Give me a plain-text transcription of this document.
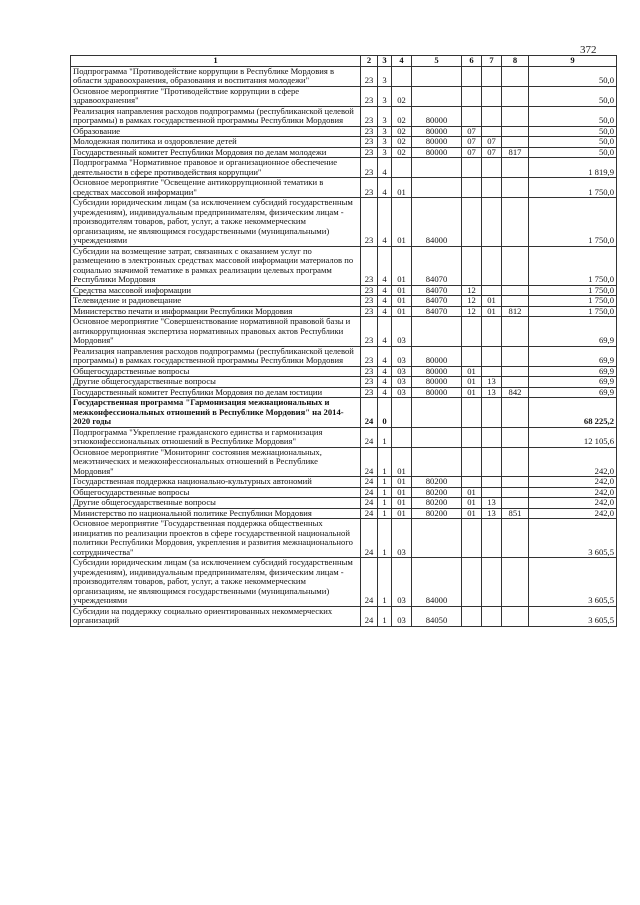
372
1	2	3	4	5	6	7	8	9
Подпрограмма "Противодействие коррупции в Республике Мордовия в области здравоохранения, образования и воспитания молодежи"	23	3						50,0
Основное мероприятие "Противодействие коррупции в сфере здравоохранения"	23	3	02					50,0
Реализация направления расходов подпрограммы (республиканской целевой программы) в рамках государственной программы Республики Мордовия	23	3	02	80000				50,0
Образование	23	3	02	80000	07			50,0
Молодежная политика и оздоровление детей	23	3	02	80000	07	07		50,0
Государственный комитет Республики Мордовия по делам молодежи	23	3	02	80000	07	07	817	50,0
Подпрограмма "Нормативное правовое и организационное обеспечение деятельности в сфере противодействия коррупции"	23	4						1 819,9
Основное мероприятие "Освещение антикоррупционной тематики в средствах массовой информации"	23	4	01					1 750,0
Субсидии юридическим лицам (за исключением субсидий государственным учреждениям), индивидуальным предпринимателям, физическим лицам - производителям товаров, работ, услуг, а также некоммерческим организациям, не являющимся государственными (муниципальными) учреждениями	23	4	01	84000				1 750,0
Субсидии на возмещение затрат, связанных с оказанием услуг по размещению в электронных средствах массовой информации материалов по социально значимой тематике в рамках реализации целевых программ Республики Мордовия	23	4	01	84070				1 750,0
Средства массовой информации	23	4	01	84070	12			1 750,0
Телевидение и радиовещание	23	4	01	84070	12	01		1 750,0
Министерство печати и информации Республики Мордовия	23	4	01	84070	12	01	812	1 750,0
Основное мероприятие "Совершенствование нормативной правовой базы и антикоррупционная экспертиза нормативных правовых актов Республики Мордовия"	23	4	03					69,9
Реализация направления расходов подпрограммы (республиканской целевой программы) в рамках государственной программы Республики Мордовия	23	4	03	80000				69,9
Общегосударственные вопросы	23	4	03	80000	01			69,9
Другие общегосударственные вопросы	23	4	03	80000	01	13		69,9
Государственный комитет Республики Мордовия по делам юстиции	23	4	03	80000	01	13	842	69,9
Государственная программа "Гармонизация межнациональных и межконфессиональных отношений в Республике Мордовия" на 2014-2020 годы	24	0						68 225,2
Подпрограмма "Укрепление гражданского единства и гармонизация этноконфессиональных отношений в Республике Мордовия"	24	1						12 105,6
Основное мероприятие "Мониторинг состояния межнациональных, межэтнических и межконфессиональных отношений в Республике Мордовия"	24	1	01					242,0
Государственная поддержка национально-культурных автономий	24	1	01	80200				242,0
Общегосударственные вопросы	24	1	01	80200	01			242,0
Другие общегосударственные вопросы	24	1	01	80200	01	13		242,0
Министерство по национальной политике Республики Мордовия	24	1	01	80200	01	13	851	242,0
Основное мероприятие "Государственная поддержка общественных инициатив по реализации проектов в сфере государственной национальной политики Республики Мордовия, укрепления и развития межнационального сотрудничества"	24	1	03					3 605,5
Субсидии юридическим лицам (за исключением субсидий государственным учреждениям), индивидуальным предпринимателям, физическим лицам - производителям товаров, работ, услуг, а также некоммерческим организациям, не являющимся государственными (муниципальными) учреждениями	24	1	03	84000				3 605,5
Субсидии на поддержку социально ориентированных некоммерческих организаций	24	1	03	84050				3 605,5
